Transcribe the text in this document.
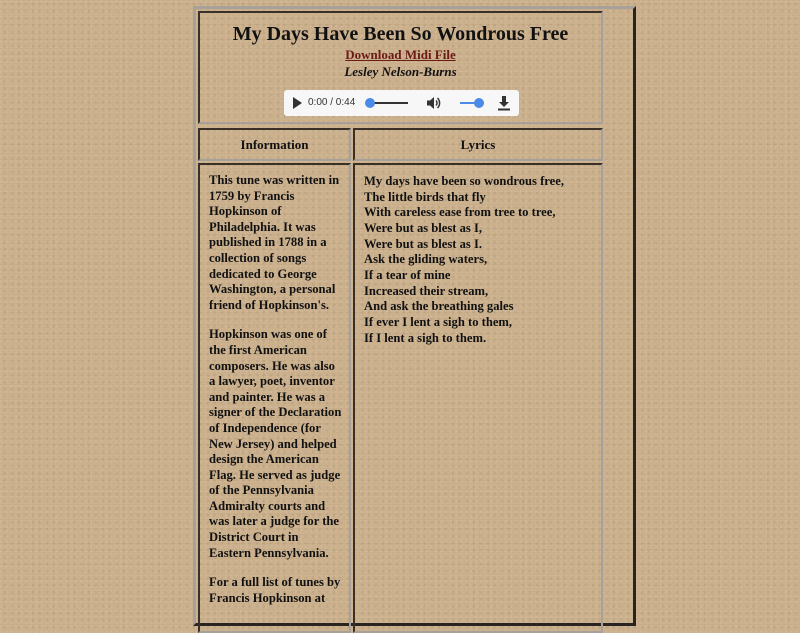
My Days Have Been So Wondrous Free
Download Midi File
Lesley Nelson-Burns
0:00 / 0:44
Information	Lyrics

This tune was written in 1759 by Francis Hopkinson of Philadelphia. It was published in 1788 in a collection of songs dedicated to George Washington, a personal friend of Hopkinson's.

Hopkinson was one of the first American composers. He was also a lawyer, poet, inventor and painter. He was a signer of the Declaration of Independence (for New Jersey) and helped design the American Flag. He served as judge of the Pennsylvania Admiralty courts and was later a judge for the District Court in Eastern Pennsylvania.

For a full list of tunes by Francis Hopkinson at

My days have been so wondrous free,
The little birds that fly
With careless ease from tree to tree,
Were but as blest as I,
Were but as blest as I.
Ask the gliding waters,
If a tear of mine
Increased their stream,
And ask the breathing gales
If ever I lent a sigh to them,
If I lent a sigh to them.
